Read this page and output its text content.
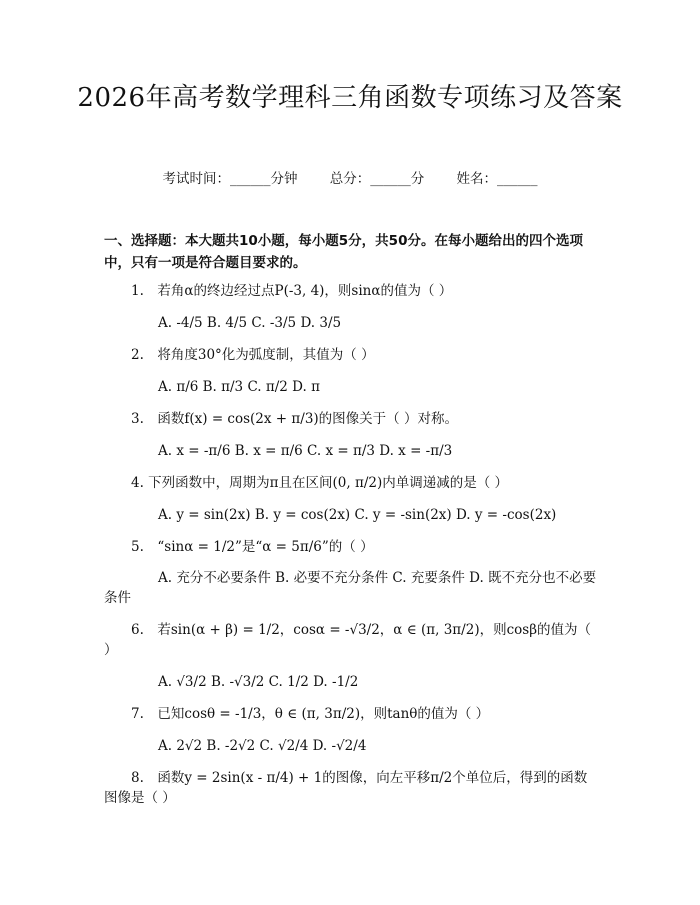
2026年高考数学理科三角函数专项练习及答案
考试时间：______分钟 总分：______分 姓名：______
一、选择题：本大题共10小题，每小题5分，共50分。在每小题给出的四个选项中，只有一项是符合题目要求的。
1.　若角α的终边经过点P(-3, 4)，则sinα的值为（ ）
A. -4/5 B. 4/5 C. -3/5 D. 3/5
2.　将角度30°化为弧度制，其值为（ ）
A. π/6 B. π/3 C. π/2 D. π
3.　函数f(x) = cos(2x + π/3)的图像关于（ ）对称。
A. x = -π/6 B. x = π/6 C. x = π/3 D. x = -π/3
4. 下列函数中，周期为π且在区间(0, π/2)内单调递减的是（ ）
A. y = sin(2x) B. y = cos(2x) C. y = -sin(2x) D. y = -cos(2x)
5.　“sinα = 1/2”是“α = 5π/6”的（ ）
A. 充分不必要条件 B. 必要不充分条件 C. 充要条件 D. 既不充分也不必要条件
6.　若sin(α + β) = 1/2，cosα = -√3/2，α ∈ (π, 3π/2)，则cosβ的值为（ ）
A. √3/2 B. -√3/2 C. 1/2 D. -1/2
7.　已知cosθ = -1/3，θ ∈ (π, 3π/2)，则tanθ的值为（ ）
A. 2√2 B. -2√2 C. √2/4 D. -√2/4
8.　函数y = 2sin(x - π/4) + 1的图像，向左平移π/2个单位后，得到的函数图像是（ ）
